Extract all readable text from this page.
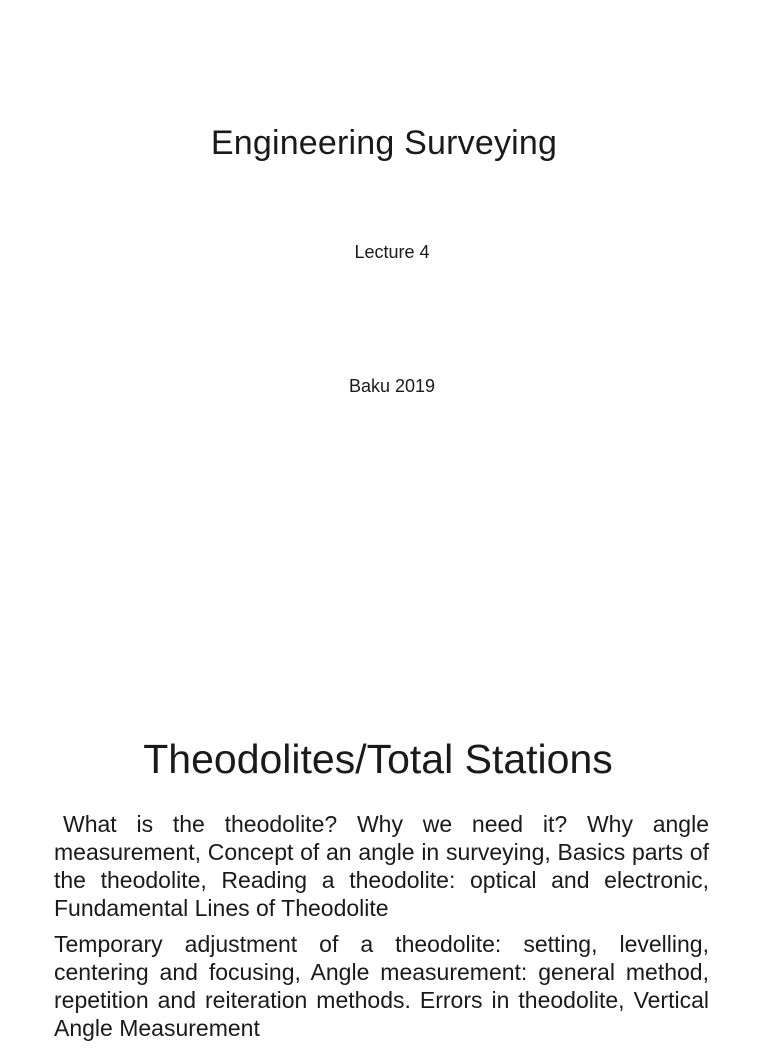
Engineering Surveying
Lecture 4
Baku 2019
Theodolites/Total Stations

What is the theodolite? Why we need it? Why angle measurement, Concept of an angle in surveying, Basics parts of the theodolite, Reading a theodolite: optical and electronic, Fundamental Lines of Theodolite

Temporary adjustment of a theodolite: setting, levelling, centering and focusing, Angle measurement: general method, repetition and reiteration methods. Errors in theodolite, Vertical Angle Measurement
